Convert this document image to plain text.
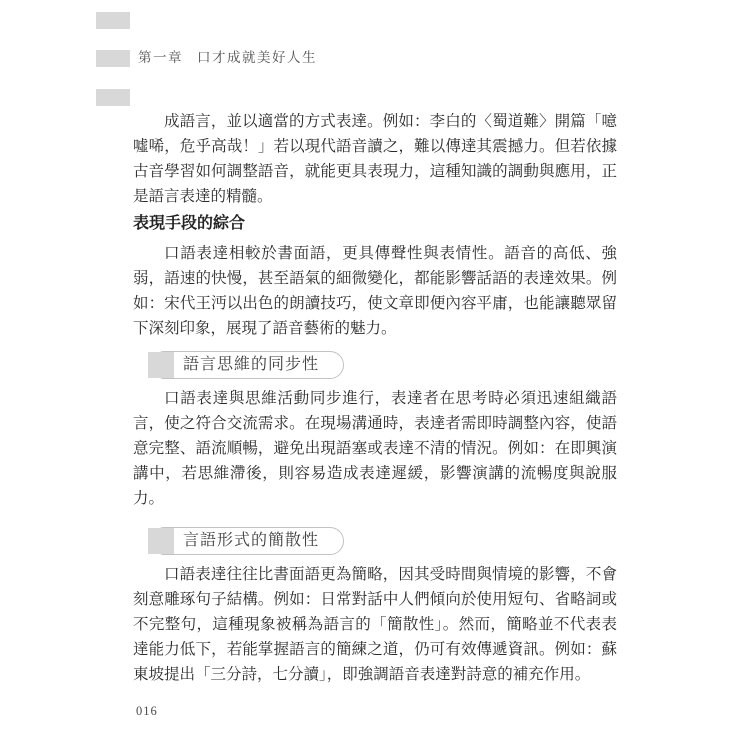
第一章 口才成就美好人生

成語言，並以適當的方式表達。例如：李白的〈蜀道難〉開篇「噫噓唏，危乎高哉！」若以現代語音讀之，難以傳達其震撼力。但若依據古音學習如何調整語音，就能更具表現力，這種知識的調動與應用，正是語言表達的精髓。

表現手段的綜合

口語表達相較於書面語，更具傳聲性與表情性。語音的高低、強弱，語速的快慢，甚至語氣的細微變化，都能影響話語的表達效果。例如：宋代王沔以出色的朗讀技巧，使文章即便內容平庸，也能讓聽眾留下深刻印象，展現了語音藝術的魅力。

語言思維的同步性

口語表達與思維活動同步進行，表達者在思考時必須迅速組織語言，使之符合交流需求。在現場溝通時，表達者需即時調整內容，使語意完整、語流順暢，避免出現語塞或表達不清的情況。例如：在即興演講中，若思維滯後，則容易造成表達遲緩，影響演講的流暢度與說服力。

言語形式的簡散性

口語表達往往比書面語更為簡略，因其受時間與情境的影響，不會刻意雕琢句子結構。例如：日常對話中人們傾向於使用短句、省略詞或不完整句，這種現象被稱為語言的「簡散性」。然而，簡略並不代表表達能力低下，若能掌握語言的簡練之道，仍可有效傳遞資訊。例如：蘇東坡提出「三分詩，七分讀」，即強調語音表達對詩意的補充作用。

016
